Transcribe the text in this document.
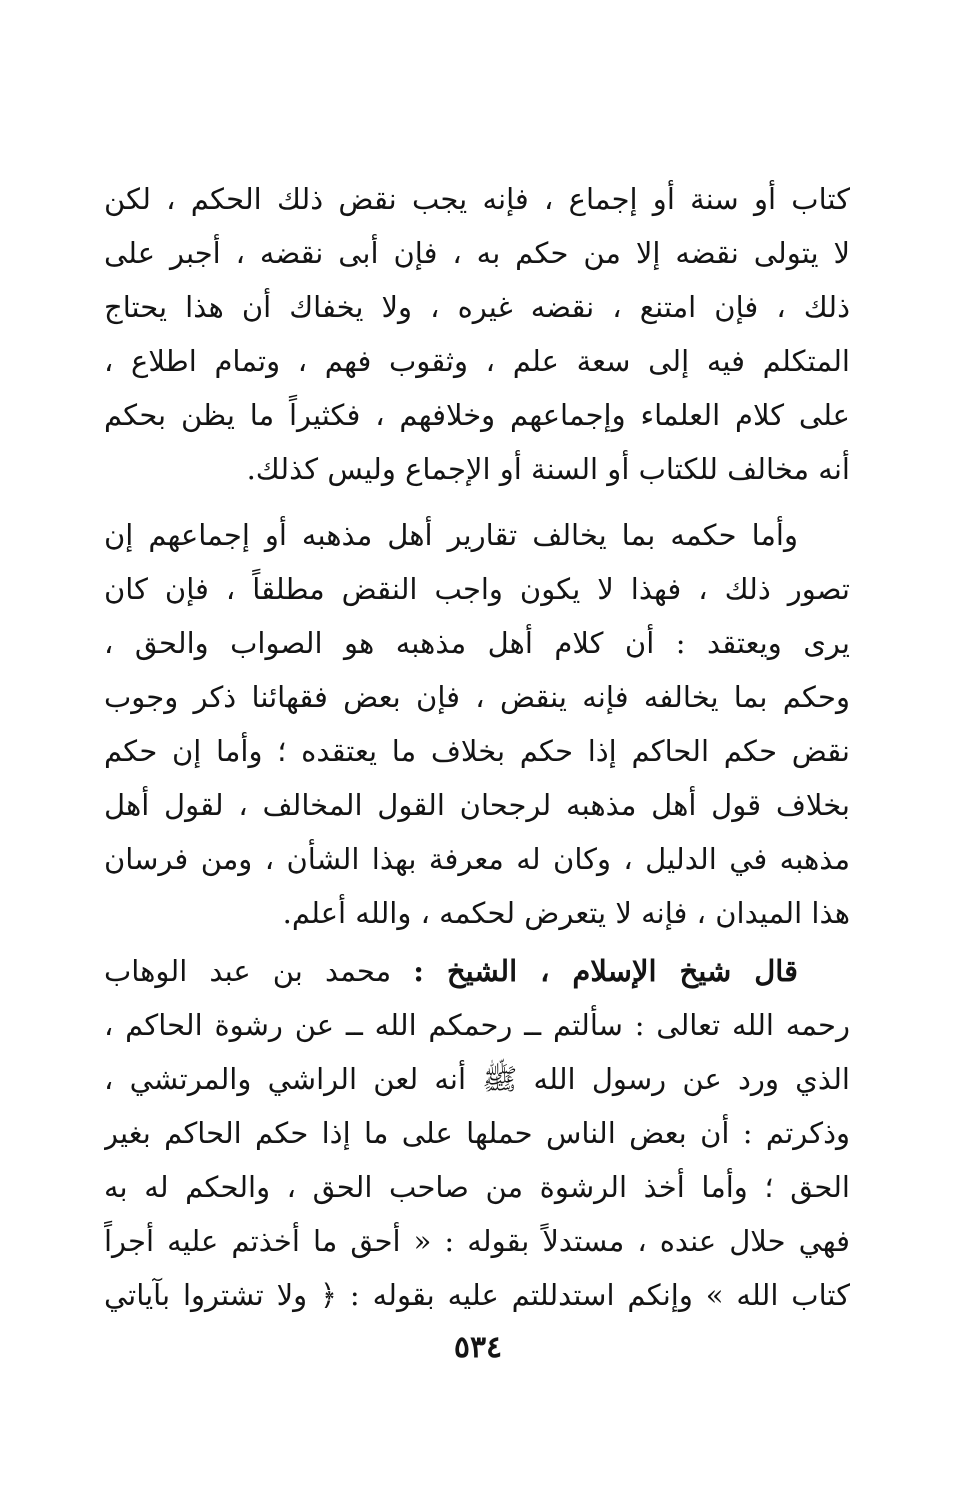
كتاب أو سنة أو إجماع ، فإنه يجب نقض ذلك الحكم ، لكن
لا يتولى نقضه إلا من حكم به ، فإن أبى نقضه ، أجبر على
ذلك ، فإن امتنع ، نقضه غيره ، ولا يخفاك أن هذا يحتاج
المتكلم فيه إلى سعة علم ، وثقوب فهم ، وتمام اطلاع ،
على كلام العلماء وإجماعهم وخلافهم ، فكثيراً ما يظن بحكم
أنه مخالف للكتاب أو السنة أو الإجماع وليس كذلك.
وأما حكمه بما يخالف تقارير أهل مذهبه أو إجماعهم إن
تصور ذلك ، فهذا لا يكون واجب النقض مطلقاً ، فإن كان
يرى ويعتقد : أن كلام أهل مذهبه هو الصواب والحق ،
وحكم بما يخالفه فإنه ينقض ، فإن بعض فقهائنا ذكر وجوب
نقض حكم الحاكم إذا حكم بخلاف ما يعتقده ؛ وأما إن حكم
بخلاف قول أهل مذهبه لرجحان القول المخالف ، لقول أهل
مذهبه في الدليل ، وكان له معرفة بهذا الشأن ، ومن فرسان
هذا الميدان ، فإنه لا يتعرض لحكمه ، والله أعلم.
قال شيخ الإسلام ، الشيخ : محمد بن عبد الوهاب
رحمه الله تعالى : سألتم ــ رحمكم الله ــ عن رشوة الحاكم ،
الذي ورد عن رسول الله ﷺ أنه لعن الراشي والمرتشي ،
وذكرتم : أن بعض الناس حملها على ما إذا حكم الحاكم بغير
الحق ؛ وأما أخذ الرشوة من صاحب الحق ، والحكم له به
فهي حلال عنده ، مستدلاً بقوله : « أحق ما أخذتم عليه أجراً
كتاب الله » وإنكم استدللتم عليه بقوله : ﴿ ولا تشتروا بآياتي
٥٣٤
